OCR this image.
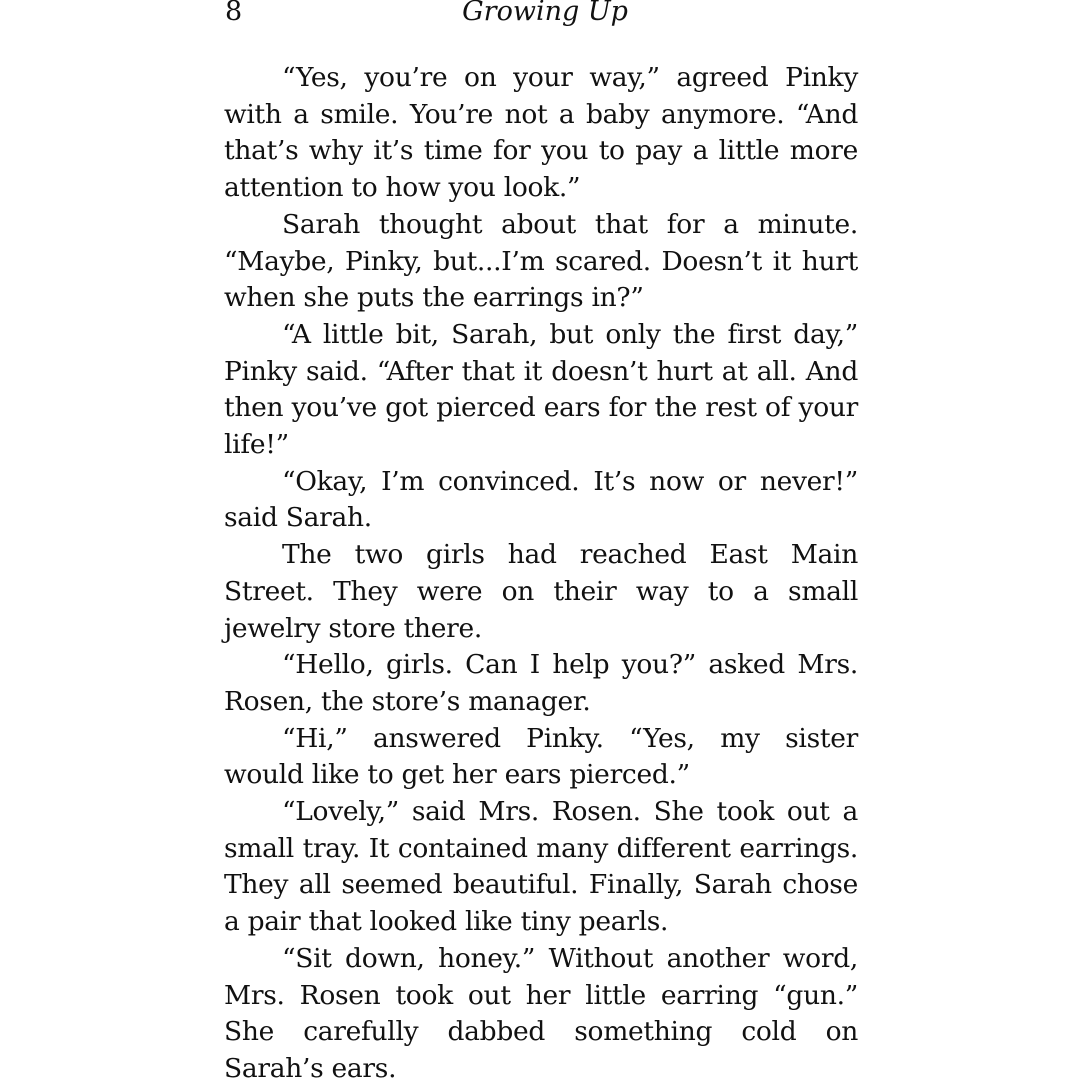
8	Growing Up

“Yes, you’re on your way,” agreed Pinky with a smile. You’re not a baby anymore. “And that’s why it’s time for you to pay a little more attention to how you look.”

Sarah thought about that for a minute. “Maybe, Pinky, but...I’m scared. Doesn’t it hurt when she puts the earrings in?”

“A little bit, Sarah, but only the first day,” Pinky said. “After that it doesn’t hurt at all. And then you’ve got pierced ears for the rest of your life!”

“Okay, I’m convinced. It’s now or never!” said Sarah.

The two girls had reached East Main Street. They were on their way to a small jewelry store there.

“Hello, girls. Can I help you?” asked Mrs. Rosen, the store’s manager.

“Hi,” answered Pinky. “Yes, my sister would like to get her ears pierced.”

“Lovely,” said Mrs. Rosen. She took out a small tray. It contained many different earrings. They all seemed beautiful. Finally, Sarah chose a pair that looked like tiny pearls.

“Sit down, honey.” Without another word, Mrs. Rosen took out her little earring “gun.” She carefully dabbed something cold on Sarah’s ears.
